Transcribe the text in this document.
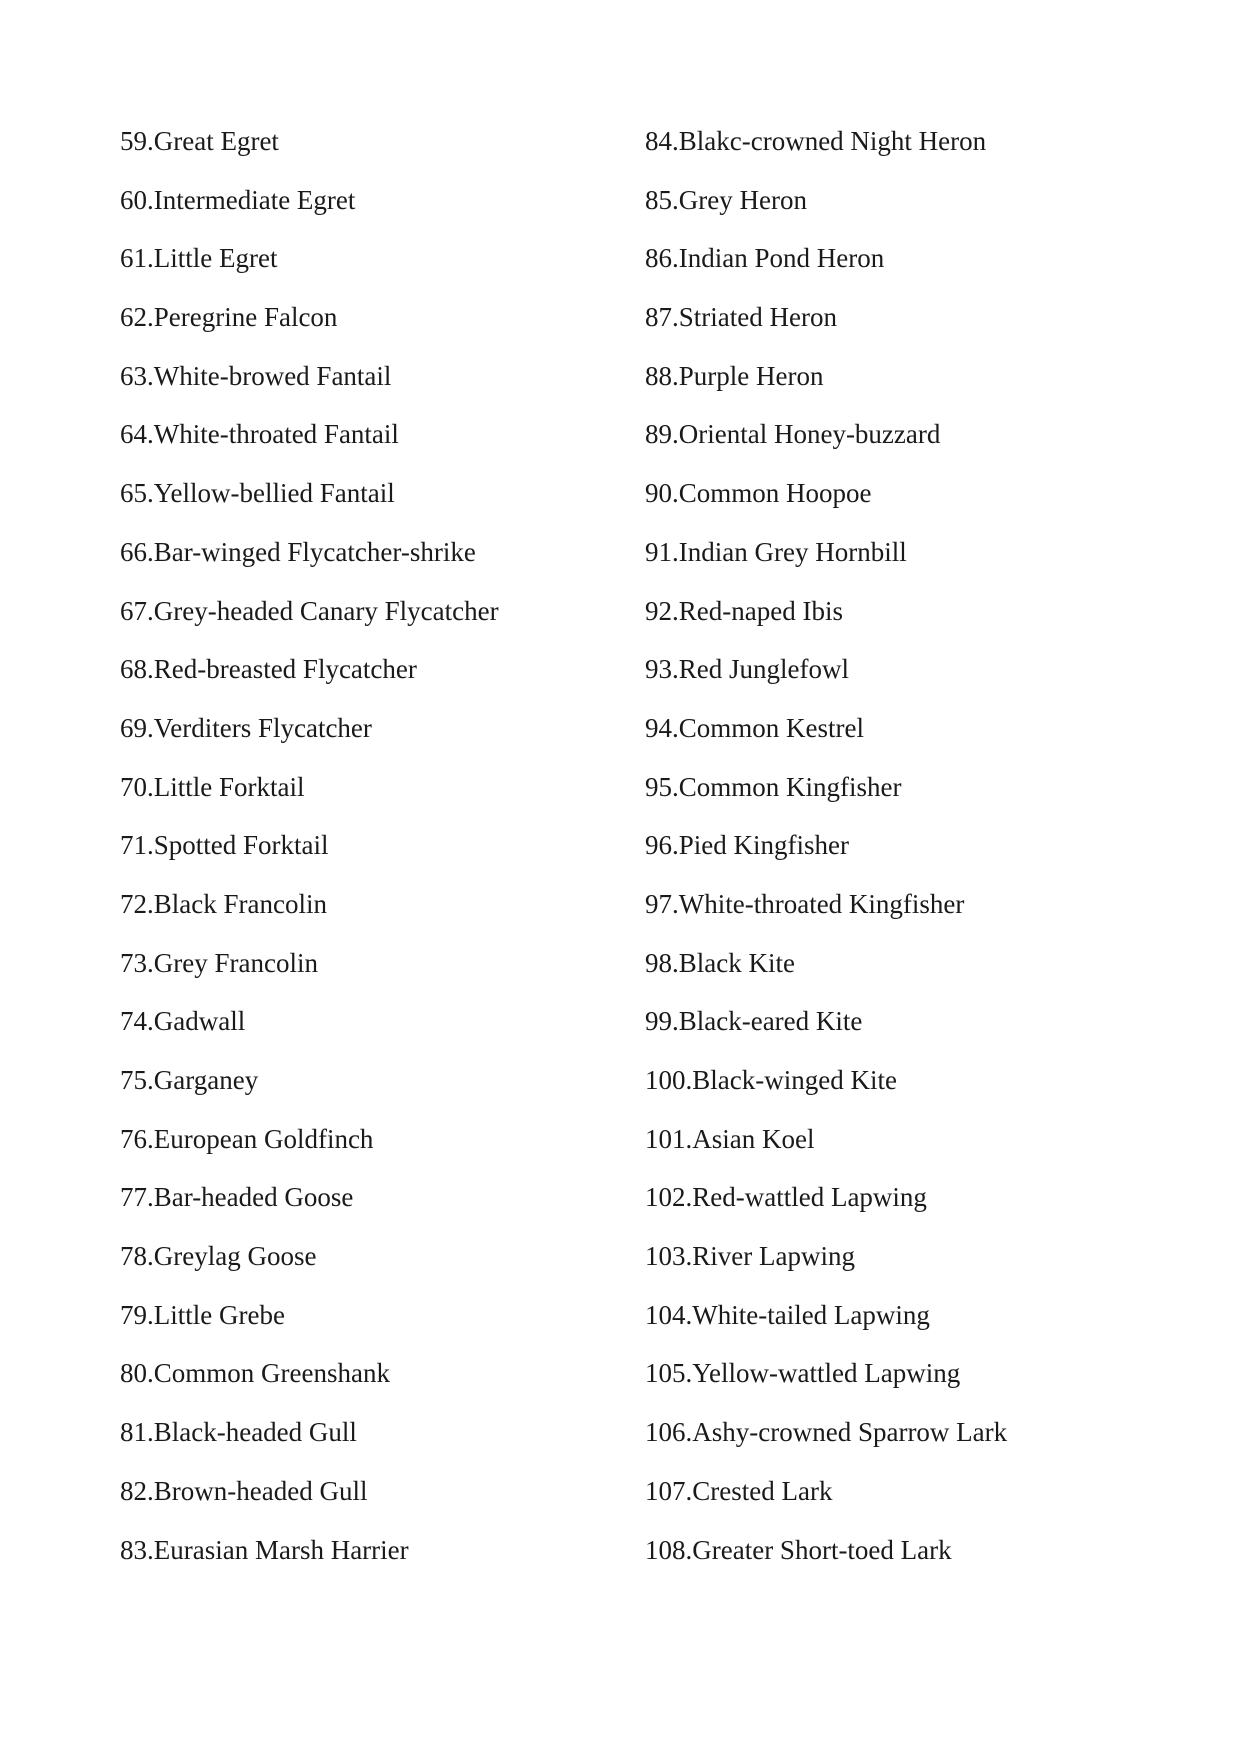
59.Great Egret
60.Intermediate Egret
61.Little Egret
62.Peregrine Falcon
63.White-browed Fantail
64.White-throated Fantail
65.Yellow-bellied Fantail
66.Bar-winged Flycatcher-shrike
67.Grey-headed Canary Flycatcher
68.Red-breasted Flycatcher
69.Verditers Flycatcher
70.Little Forktail
71.Spotted Forktail
72.Black Francolin
73.Grey Francolin
74.Gadwall
75.Garganey
76.European Goldfinch
77.Bar-headed Goose
78.Greylag Goose
79.Little Grebe
80.Common Greenshank
81.Black-headed Gull
82.Brown-headed Gull
83.Eurasian Marsh Harrier
84.Blakc-crowned Night Heron
85.Grey Heron
86.Indian Pond Heron
87.Striated Heron
88.Purple Heron
89.Oriental Honey-buzzard
90.Common Hoopoe
91.Indian Grey Hornbill
92.Red-naped Ibis
93.Red Junglefowl
94.Common Kestrel
95.Common Kingfisher
96.Pied Kingfisher
97.White-throated Kingfisher
98.Black Kite
99.Black-eared Kite
100.Black-winged Kite
101.Asian Koel
102.Red-wattled Lapwing
103.River Lapwing
104.White-tailed Lapwing
105.Yellow-wattled Lapwing
106.Ashy-crowned Sparrow Lark
107.Crested Lark
108.Greater Short-toed Lark
